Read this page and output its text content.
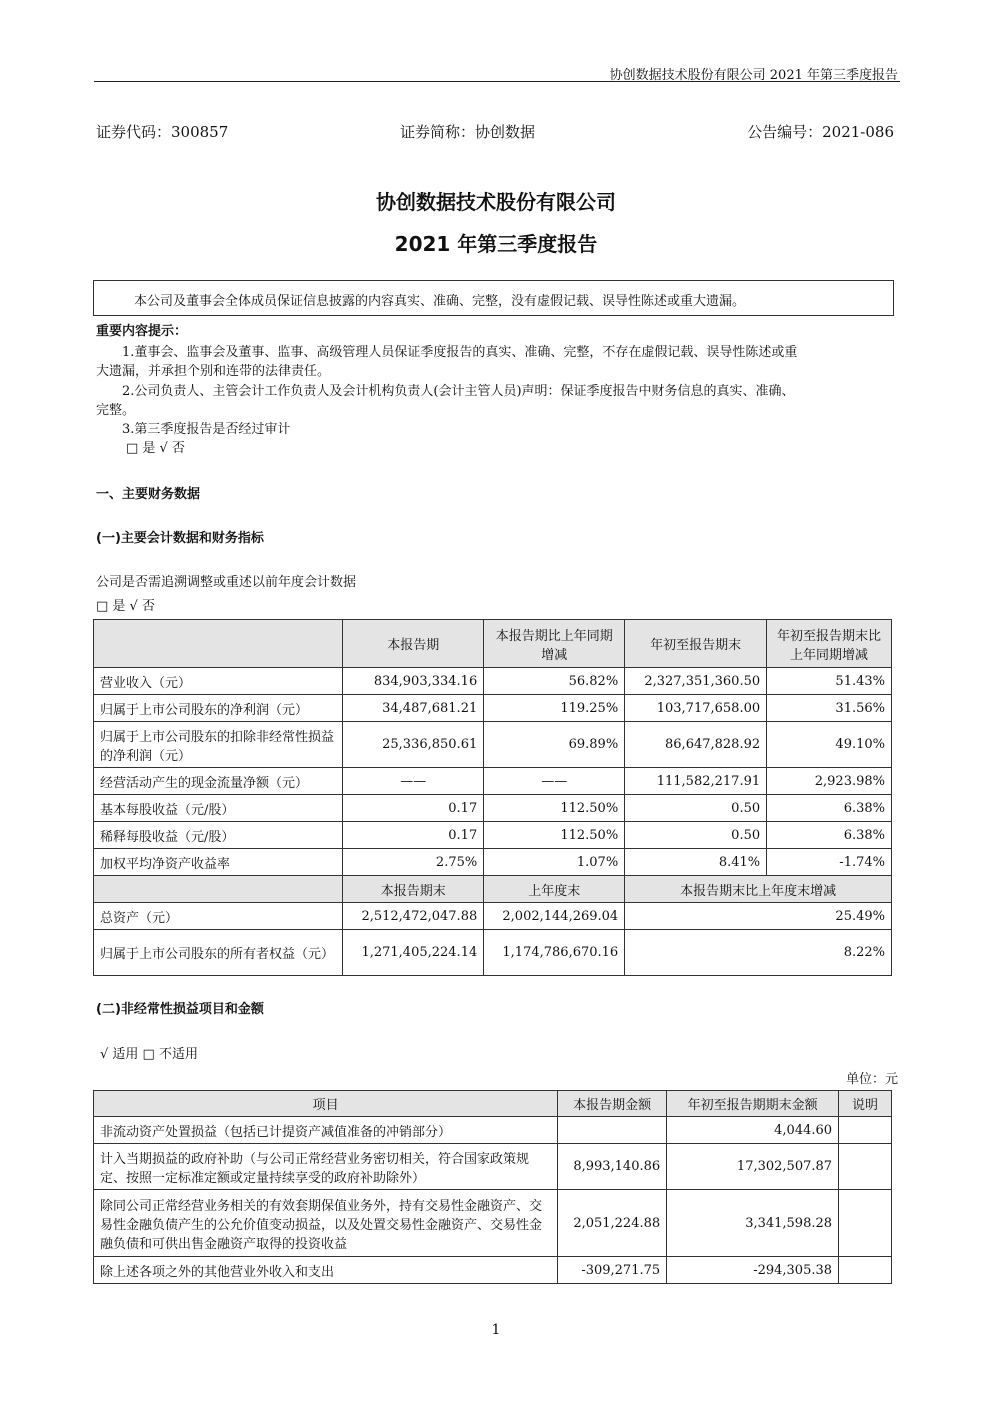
协创数据技术股份有限公司 2021 年第三季度报告
证券代码：300857	证券简称：协创数据	公告编号：2021-086
协创数据技术股份有限公司
2021 年第三季度报告
本公司及董事会全体成员保证信息披露的内容真实、准确、完整，没有虚假记载、误导性陈述或重大遗漏。
重要内容提示：
1.董事会、监事会及董事、监事、高级管理人员保证季度报告的真实、准确、完整，不存在虚假记载、误导性陈述或重
大遗漏，并承担个别和连带的法律责任。
2.公司负责人、主管会计工作负责人及会计机构负责人(会计主管人员)声明：保证季度报告中财务信息的真实、准确、
完整。
3.第三季度报告是否经过审计
□ 是 √ 否
一、主要财务数据
(一)主要会计数据和财务指标
公司是否需追溯调整或重述以前年度会计数据
□ 是 √ 否
	本报告期	本报告期比上年同期增减	年初至报告期末	年初至报告期末比上年同期增减
营业收入（元）	834,903,334.16	56.82%	2,327,351,360.50	51.43%
归属于上市公司股东的净利润（元）	34,487,681.21	119.25%	103,717,658.00	31.56%
归属于上市公司股东的扣除非经常性损益的净利润（元）	25,336,850.61	69.89%	86,647,828.92	49.10%
经营活动产生的现金流量净额（元）	——	——	111,582,217.91	2,923.98%
基本每股收益（元/股）	0.17	112.50%	0.50	6.38%
稀释每股收益（元/股）	0.17	112.50%	0.50	6.38%
加权平均净资产收益率	2.75%	1.07%	8.41%	-1.74%
	本报告期末	上年度末	本报告期末比上年度末增减	
总资产（元）	2,512,472,047.88	2,002,144,269.04	25.49%	
归属于上市公司股东的所有者权益（元）	1,271,405,224.14	1,174,786,670.16	8.22%	
(二)非经常性损益项目和金额
√ 适用 □ 不适用
单位：元
项目	本报告期金额	年初至报告期期末金额	说明
非流动资产处置损益（包括已计提资产减值准备的冲销部分）		4,044.60	
计入当期损益的政府补助（与公司正常经营业务密切相关，符合国家政策规定、按照一定标准定额或定量持续享受的政府补助除外）	8,993,140.86	17,302,507.87	
除同公司正常经营业务相关的有效套期保值业务外，持有交易性金融资产、交易性金融负债产生的公允价值变动损益，以及处置交易性金融资产、交易性金融负债和可供出售金融资产取得的投资收益	2,051,224.88	3,341,598.28	
除上述各项之外的其他营业外收入和支出	-309,271.75	-294,305.38	
1
